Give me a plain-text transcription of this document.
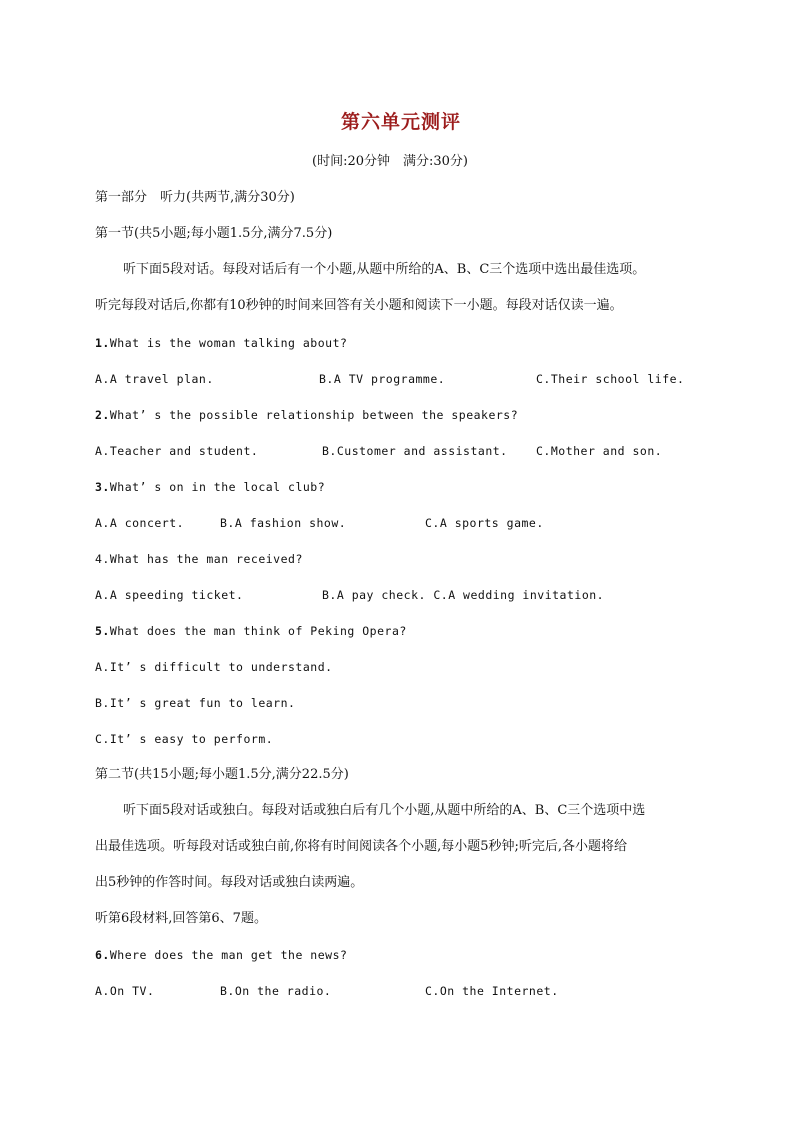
第六单元测评
(时间:20分钟　满分:30分)
第一部分　听力(共两节,满分30分)
第一节(共5小题;每小题1.5分,满分7.5分)
听下面5段对话。每段对话后有一个小题,从题中所给的A、B、C三个选项中选出最佳选项。
听完每段对话后,你都有10秒钟的时间来回答有关小题和阅读下一小题。每段对话仅读一遍。
1.What is the woman talking about?
A.A travel plan.	B.A TV programme.	C.Their school life.
2.What’ s the possible relationship between the speakers?
A.Teacher and student.	B.Customer and assistant. C.Mother and son.
3.What’ s on in the local club?
A.A concert.	B.A fashion show.	C.A sports game.
4.What has the man received?
A.A speeding ticket.	B.A pay check. C.A wedding invitation.
5.What does the man think of Peking Opera?
A.It’ s difficult to understand.
B.It’ s great fun to learn.
C.It’ s easy to perform.
第二节(共15小题;每小题1.5分,满分22.5分)
听下面5段对话或独白。每段对话或独白后有几个小题,从题中所给的A、B、C三个选项中选
出最佳选项。听每段对话或独白前,你将有时间阅读各个小题,每小题5秒钟;听完后,各小题将给
出5秒钟的作答时间。每段对话或独白读两遍。
听第6段材料,回答第6、7题。
6.Where does the man get the news?
A.On TV.	B.On the radio.	C.On the Internet.
